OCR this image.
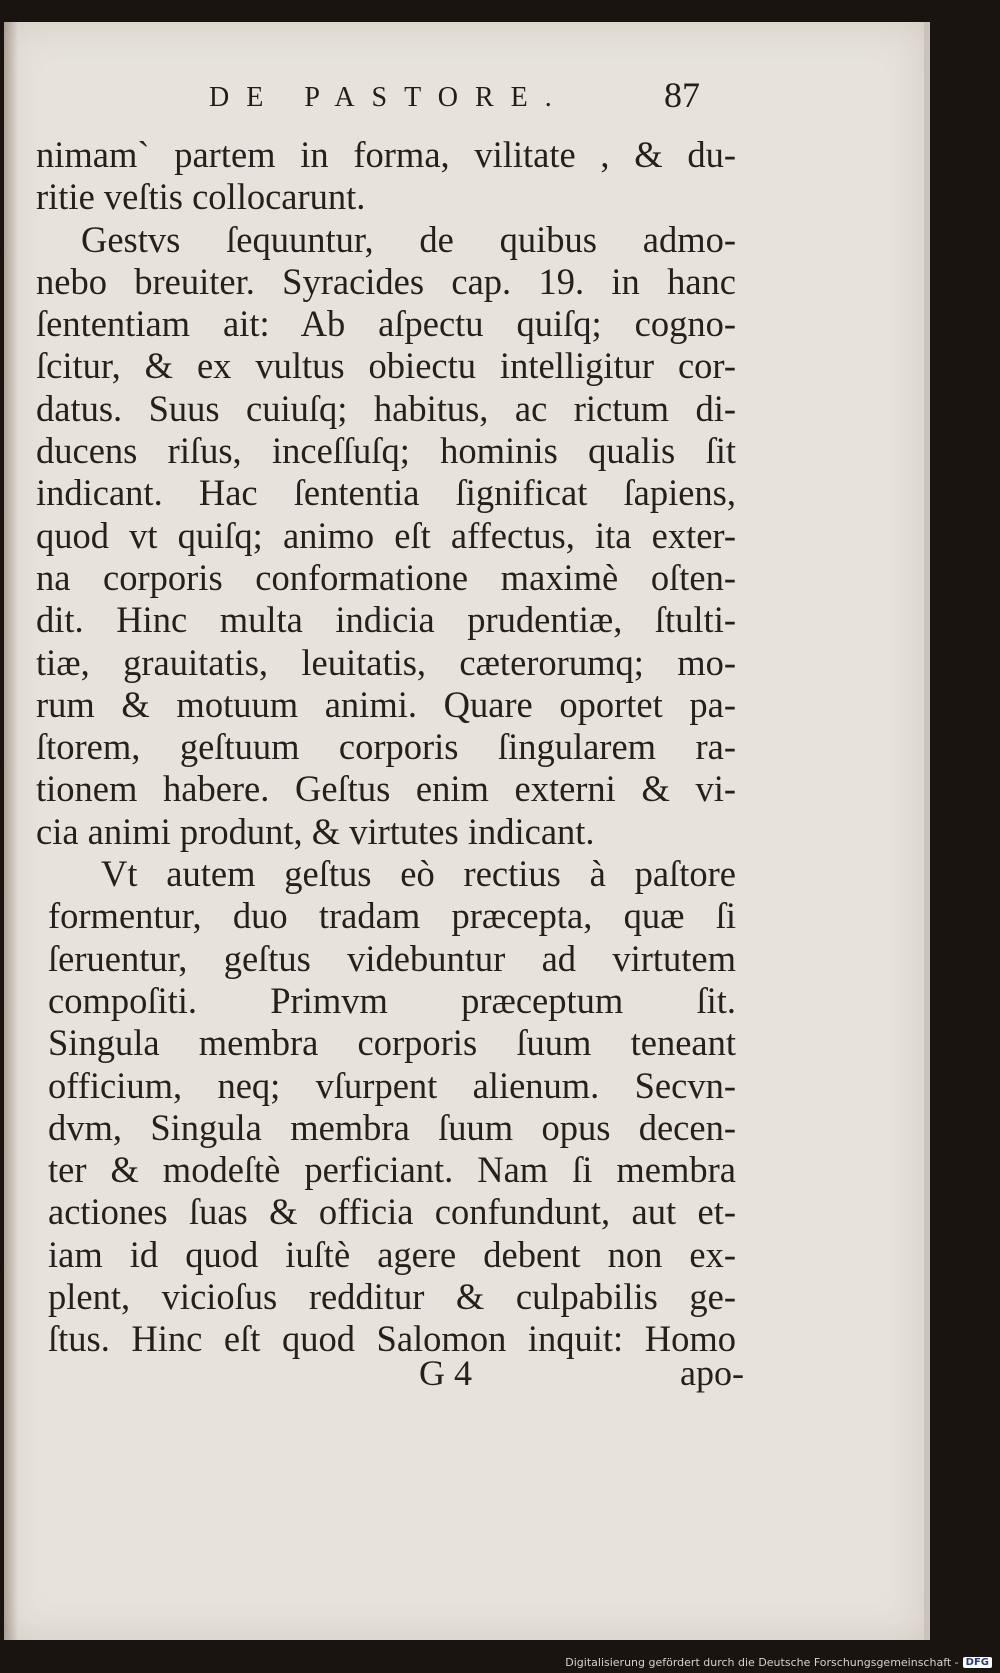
DE PASTORE.	87
nimam` partem in forma, vilitate , & du-
ritie veſtis collocarunt.
Gestvs ſequuntur, de quibus admo-
nebo breuiter. Syracides cap. 19. in hanc
ſententiam ait: Ab aſpectu quiſq; cogno-
ſcitur, & ex vultus obiectu intelligitur cor-
datus. Suus cuiuſq; habitus, ac rictum di-
ducens riſus, inceſſuſq; hominis qualis ſit
indicant. Hac ſententia ſignificat ſapiens,
quod vt quiſq; animo eſt affectus, ita exter-
na corporis conformatione maximè oſten-
dit. Hinc multa indicia prudentiæ, ſtulti-
tiæ, grauitatis, leuitatis, cæterorumq; mo-
rum & motuum animi. Quare oportet pa-
ſtorem, geſtuum corporis ſingularem ra-
tionem habere. Geſtus enim externi & vi-
cia animi produnt, & virtutes indicant.
Vt autem geſtus eò rectius à paſtore
formentur, duo tradam præcepta, quæ ſi
ſeruentur, geſtus videbuntur ad virtutem
compoſiti. Primvm præceptum ſit.
Singula membra corporis ſuum teneant
officium, neq; vſurpent alienum. Secvn-
dvm, Singula membra ſuum opus decen-
ter & modeſtè perficiant. Nam ſi membra
actiones ſuas & officia confundunt, aut et-
iam id quod iuſtè agere debent non ex-
plent, vicioſus redditur & culpabilis ge-
ſtus. Hinc eſt quod Salomon inquit: Homo
G 4	apo-
Digitalisierung gefördert durch die Deutsche Forschungsgemeinschaft - DFG
